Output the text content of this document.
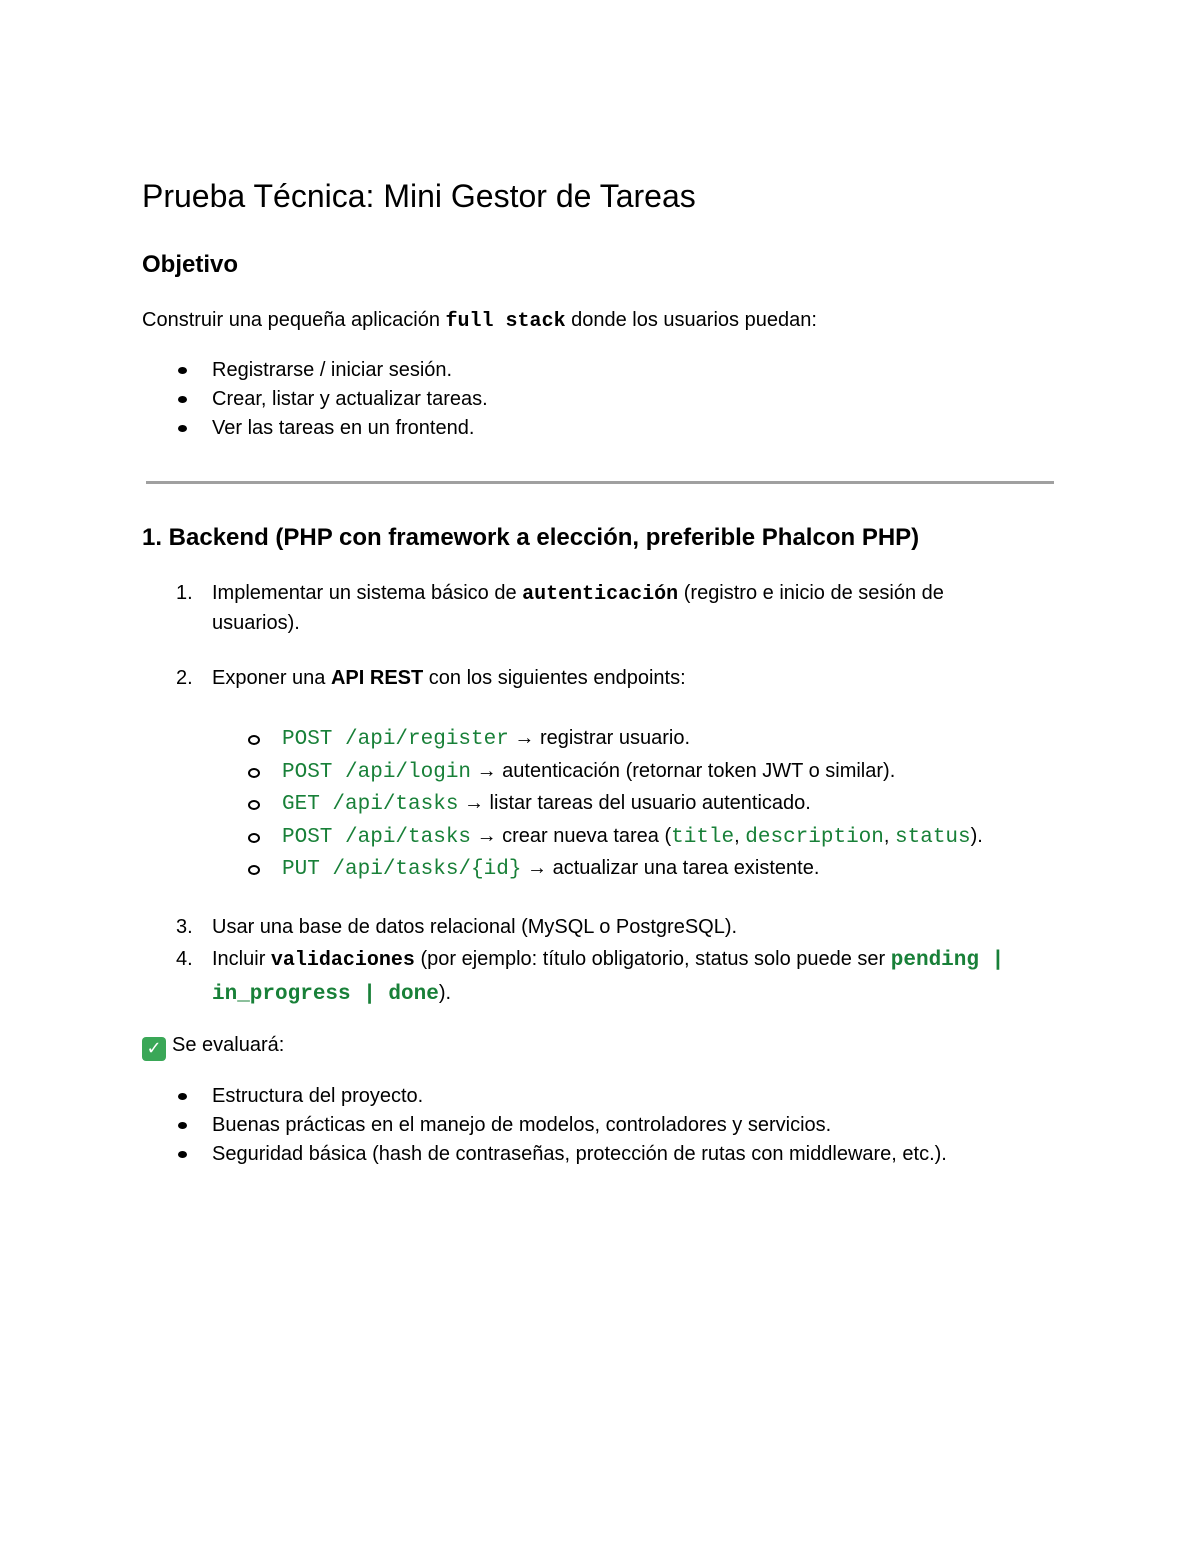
Prueba Técnica: Mini Gestor de Tareas
Objetivo

Construir una pequeña aplicación full stack donde los usuarios puedan:

Registrarse / iniciar sesión.
Crear, listar y actualizar tareas.
Ver las tareas en un frontend.
1. Backend (PHP con framework a elección, preferible Phalcon PHP)
1. Implementar un sistema básico de autenticación (registro e inicio de sesión de
usuarios).
2. Exponer una API REST con los siguientes endpoints:
POST /api/register → registrar usuario.
POST /api/login → autenticación (retornar token JWT o similar).
GET /api/tasks → listar tareas del usuario autenticado.
POST /api/tasks → crear nueva tarea (title, description, status).
PUT /api/tasks/{id} → actualizar una tarea existente.
3. Usar una base de datos relacional (MySQL o PostgreSQL).
4. Incluir validaciones (por ejemplo: título obligatorio, status solo puede ser pending |
in_progress | done).

✓ Se evaluará:

Estructura del proyecto.
Buenas prácticas en el manejo de modelos, controladores y servicios.
Seguridad básica (hash de contraseñas, protección de rutas con middleware, etc.).
